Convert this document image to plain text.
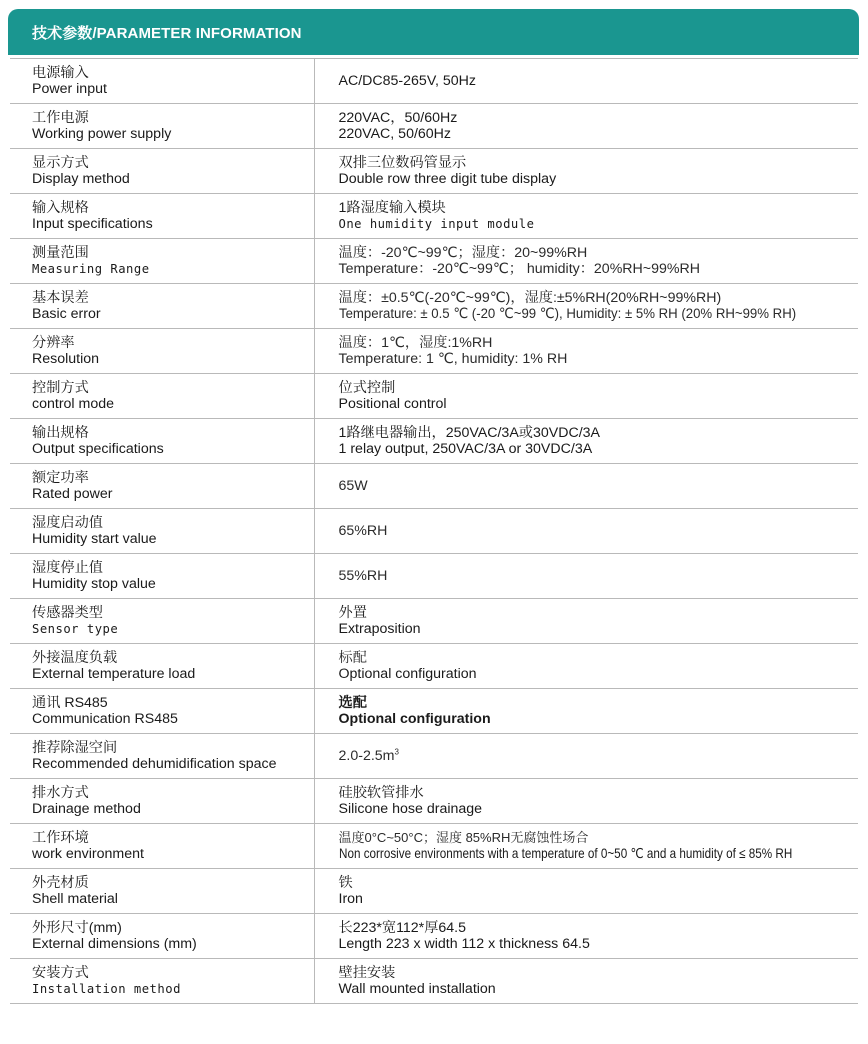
技术参数/PARAMETER INFORMATION
电源输入
Power input	AC/DC85-265V, 50Hz

工作电源
Working power supply	220VAC，50/60Hz
220VAC, 50/60Hz

显示方式
Display method	双排三位数码管显示
Double row three digit tube display

输入规格
Input specifications	1路湿度输入模块
One humidity input module

测量范围
Measuring Range	温度：-20℃~99℃；湿度：20~99%RH
Temperature：-20℃~99℃； humidity：20%RH~99%RH

基本误差
Basic error	温度：±0.5℃(-20℃~99℃)，湿度:±5%RH(20%RH~99%RH)
Temperature: ± 0.5 ℃ (-20 ℃~99 ℃), Humidity: ± 5% RH (20% RH~99% RH)

分辨率
Resolution	温度：1℃，湿度:1%RH
Temperature: 1 ℃, humidity: 1% RH

控制方式
control mode	位式控制
Positional control

输出规格
Output specifications	1路继电器输出，250VAC/3A或30VDC/3A
1 relay output, 250VAC/3A or 30VDC/3A

额定功率
Rated power	65W

湿度启动值
Humidity start value	65%RH

湿度停止值
Humidity stop value	55%RH

传感器类型
Sensor type	外置
Extraposition

外接温度负载
External temperature load	标配
Optional configuration

通讯 RS485
Communication RS485	选配
Optional configuration

推荐除湿空间
Recommended dehumidification space	$2.0-2.5m^3$

排水方式
Drainage method	硅胶软管排水
Silicone hose drainage

工作环境
work environment	温度0°C~50°C；湿度 85%RH无腐蚀性场合
Non corrosive environments with a temperature of 0~50 ℃ and a humidity of ≤ 85% RH

外壳材质
Shell material	铁
Iron

外形尺寸(mm)
External dimensions (mm)	长223*宽112*厚64.5
Length 223 x width 112 x thickness 64.5

安装方式
Installation method	壁挂安装
Wall mounted installation
